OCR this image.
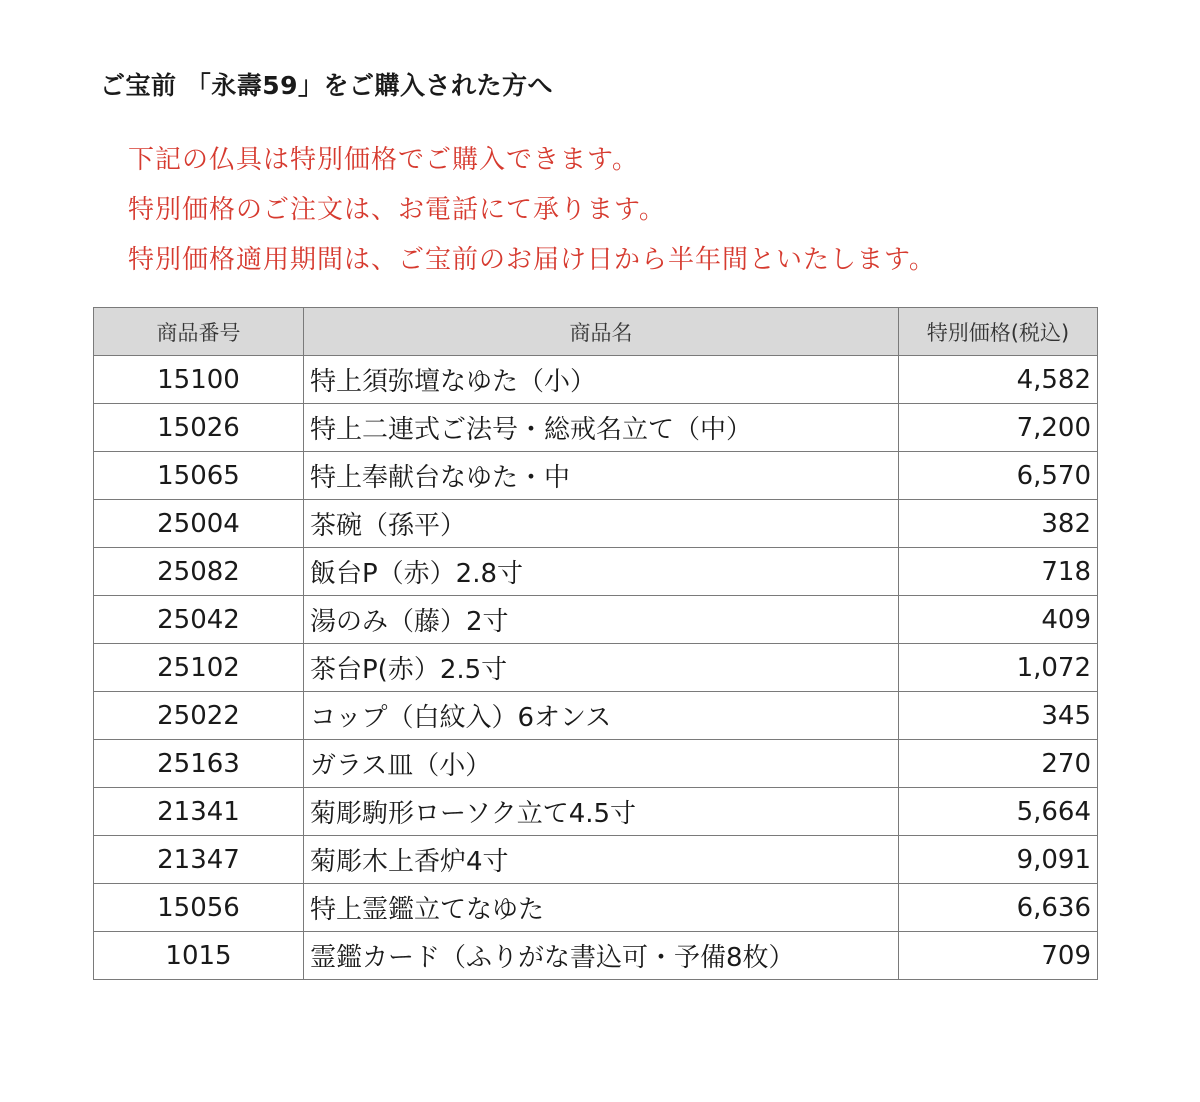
ご宝前 「永壽59」をご購入された方へ
下記の仏具は特別価格でご購入できます。
特別価格のご注文は、お電話にて承ります。
特別価格適用期間は、ご宝前のお届け日から半年間といたします。
商品番号	商品名	特別価格(税込)
15100	特上須弥壇なゆた（小）	4,582
15026	特上二連式ご法号・総戒名立て（中）	7,200
15065	特上奉献台なゆた・中	6,570
25004	茶碗（孫平）	382
25082	飯台P（赤）2.8寸	718
25042	湯のみ（藤）2寸	409
25102	茶台P(赤）2.5寸	1,072
25022	コップ（白紋入）6オンス	345
25163	ガラス皿（小）	270
21341	菊彫駒形ローソク立て4.5寸	5,664
21347	菊彫木上香炉4寸	9,091
15056	特上霊鑑立てなゆた	6,636
1015	霊鑑カード（ふりがな書込可・予備8枚）	709
